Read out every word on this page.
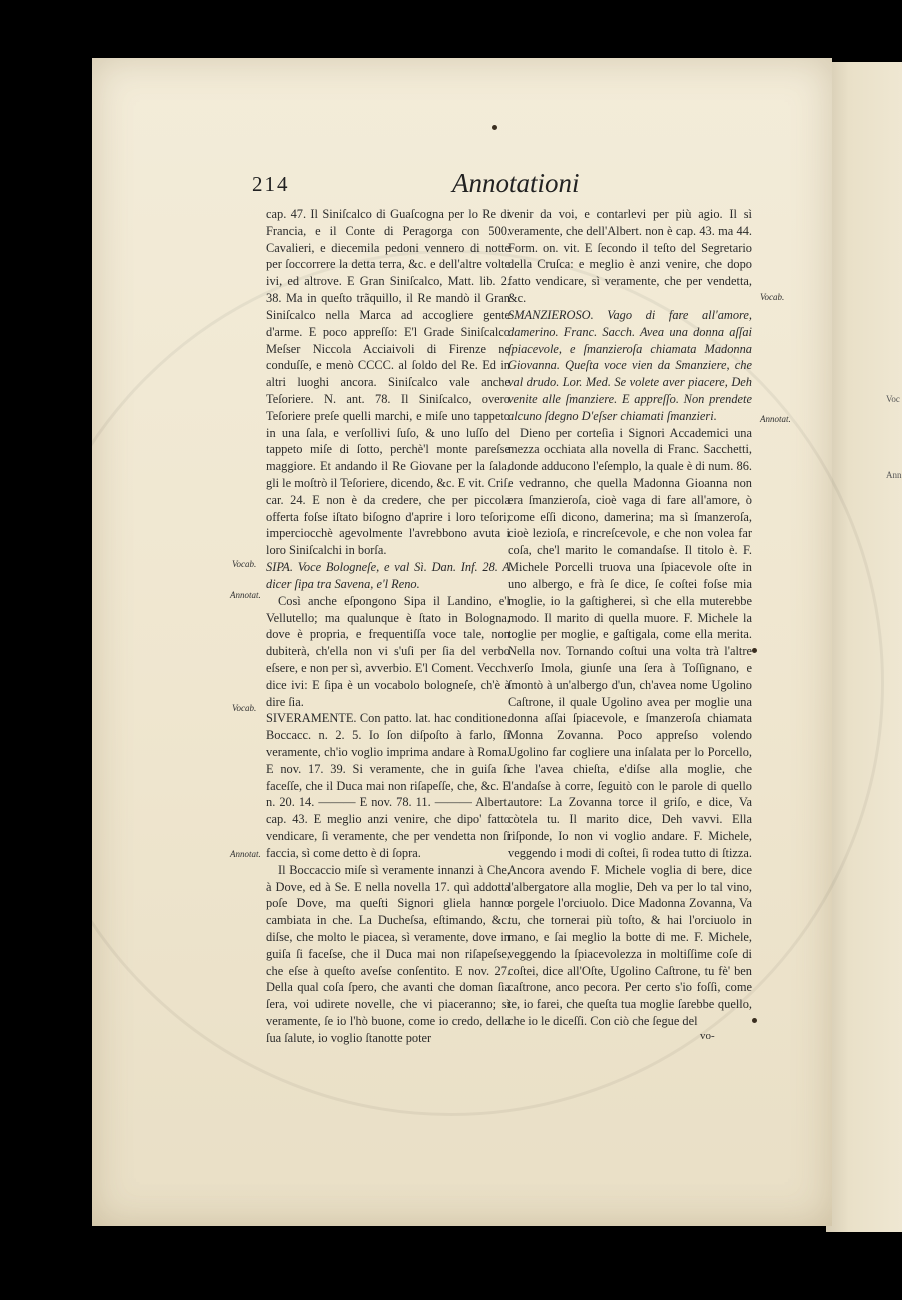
Voc
Ann
214	Annotationi

cap. 47. Il Siniſcalco di Guaſcogna per lo Re di Francia, e il Conte di Peragorga con 500. Cavalieri, e diecemila pedoni vennero di notte per ſoccorrere la detta terra, &c. e dell'altre volte ivi, ed altrove. E Gran Siniſcalco, Matt. lib. 2. 38. Ma in queſto trãquillo, il Re mandò il Gran Siniſcalco nella Marca ad accogliere gente d'arme. E poco appreſſo: E'l Grade Siniſcalco Meſser Niccola Acciaivoli di Firenze ne conduſſe, e menò CCCC. al ſoldo del Re. Ed in altri luoghi ancora. Siniſcalco vale anche Teſoriere. N. ant. 78. Il Siniſcalco, overo Teſoriere preſe quelli marchi, e miſe uno tappeto in una ſala, e verſollivi ſuſo, & uno luſſo del tappeto miſe di ſotto, perchè'l monte pareſse maggiore. Et andando il Re Giovane per la ſala, gli le moſtrò il Teſoriere, dicendo, &c. E vit. Criſ. car. 24. E non è da credere, che per piccola offerta foſse iſtato biſogno d'aprire i loro teſori; imperciocchè agevolmente l'avrebbono avuta i loro Siniſcalchi in borſa.

SIPA. Voce Bologneſe, e val Sì. Dan. Inf. 28. A dicer ſipa tra Savena, e'l Reno.

Così anche eſpongono Sipa il Landino, e'l Vellutello; ma qualunque è ſtato in Bologna, dove è propria, e frequentiſſa voce tale, non dubiterà, ch'ella non vi s'uſi per ſia del verbo eſsere, e non per sì, avverbio. E'l Coment. Vecch. dice ivi: E ſipa è un vocabolo bologneſe, ch'è à dire ſia.

SIVERAMENTE. Con patto. lat. hac conditione. Boccacc. n. 2. 5. Io ſon diſpoſto à farlo, ſi veramente, ch'io voglio imprima andare à Roma. E nov. 17. 39. Si veramente, che in guiſa ſi faceſſe, che il Duca mai non riſapeſſe, che, &c. E n. 20. 14. ——— E nov. 78. 11. ——— Albert. cap. 43. E meglio anzi venire, che dipo' fatto vendicare, ſi veramente, che per vendetta non ſi faccia, sì come detto è di ſopra.

Il Boccaccio miſe sì veramente innanzi à Che, à Dove, ed à Se. E nella novella 17. quì addotta poſe Dove, ma queſti Signori gliela hanno cambiata in che. La Ducheſsa, eſtimando, &c. diſse, che molto le piacea, sì veramente, dove in guiſa ſi faceſse, che il Duca mai non riſapeſse, che eſse à queſto aveſse conſentito. E nov. 27. Della qual coſa ſpero, che avanti che doman ſia ſera, voi udirete novelle, che vi piaceranno; sì veramente, ſe io l'hò buone, come io credo, della ſua ſalute, io voglio ſtanotte poter

venir da voi, e contarlevi per più agio. Il sì veramente, che dell'Albert. non è cap. 43. ma 44. Form. on. vit. E ſecondo il teſto del Segretario della Cruſca: e meglio è anzi venire, che dopo fatto vendicare, sì veramente, che per vendetta, &c.

SMANZIEROSO. Vago di fare all'amore, damerino. Franc. Sacch. Avea una donna aſſai ſpiacevole, e ſmanzieroſa chiamata Madonna Giovanna. Queſta voce vien da Smanziere, che val drudo. Lor. Med. Se volete aver piacere, Deh venite alle ſmanziere. E appreſſo. Non prendete alcuno ſdegno D'eſser chiamati ſmanzieri.

Dieno per corteſia i Signori Accademici una mezza occhiata alla novella di Franc. Sacchetti, donde adducono l'eſemplo, la quale è di num. 86. e vedranno, che quella Madonna Gioanna non era ſmanzieroſa, cioè vaga di fare all'amore, ò come eſſi dicono, damerina; ma sì ſmanzeroſa, cioè lezioſa, e rincreſcevole, e che non volea far coſa, che'l marito le comandaſse. Il titolo è. F. Michele Porcelli truova una ſpiacevole oſte in uno albergo, e frà ſe dice, ſe coſtei foſse mia moglie, io la gaſtigherei, sì che ella muterebbe modo. Il marito di quella muore. F. Michele la toglie per moglie, e gaſtigala, come ella merita. Nella nov. Tornando coſtui una volta trà l'altre verſo Imola, giunſe una ſera à Toſſignano, e ſmontò à un'albergo d'un, ch'avea nome Ugolino Caſtrone, il quale Ugolino avea per moglie una donna aſſai ſpiacevole, e ſmanzeroſa chiamata Monna Zovanna. Poco appreſso volendo Ugolino far cogliere una inſalata per lo Porcello, che l'avea chieſta, e'diſse alla moglie, che l'andaſse à corre, ſeguitò con le parole di quello autore: La Zovanna torce il griſo, e dice, Va còtela tu. Il marito dice, Deh vavvi. Ella riſponde, Io non vi voglio andare. F. Michele, veggendo i modi di coſtei, ſi rodea tutto di ſtizza. Ancora avendo F. Michele voglia di bere, dice l'albergatore alla moglie, Deh va per lo tal vino, e porgele l'orciuolo. Dice Madonna Zovanna, Va tu, che tornerai più toſto, & hai l'orciuolo in mano, e ſai meglio la botte di me. F. Michele, veggendo la ſpiacevolezza in moltiſſime coſe di coſtei, dice all'Oſte, Ugolino Caſtrone, tu fè' ben caſtrone, anco pecora. Per certo s'io foſſi, come te, io farei, che queſta tua moglie ſarebbe quello, che io le diceſſi. Con ciò che ſegue del

Vocab.
Annotat.
Vocab.
Annotat.
Vocab.
Annotat.
vo-
